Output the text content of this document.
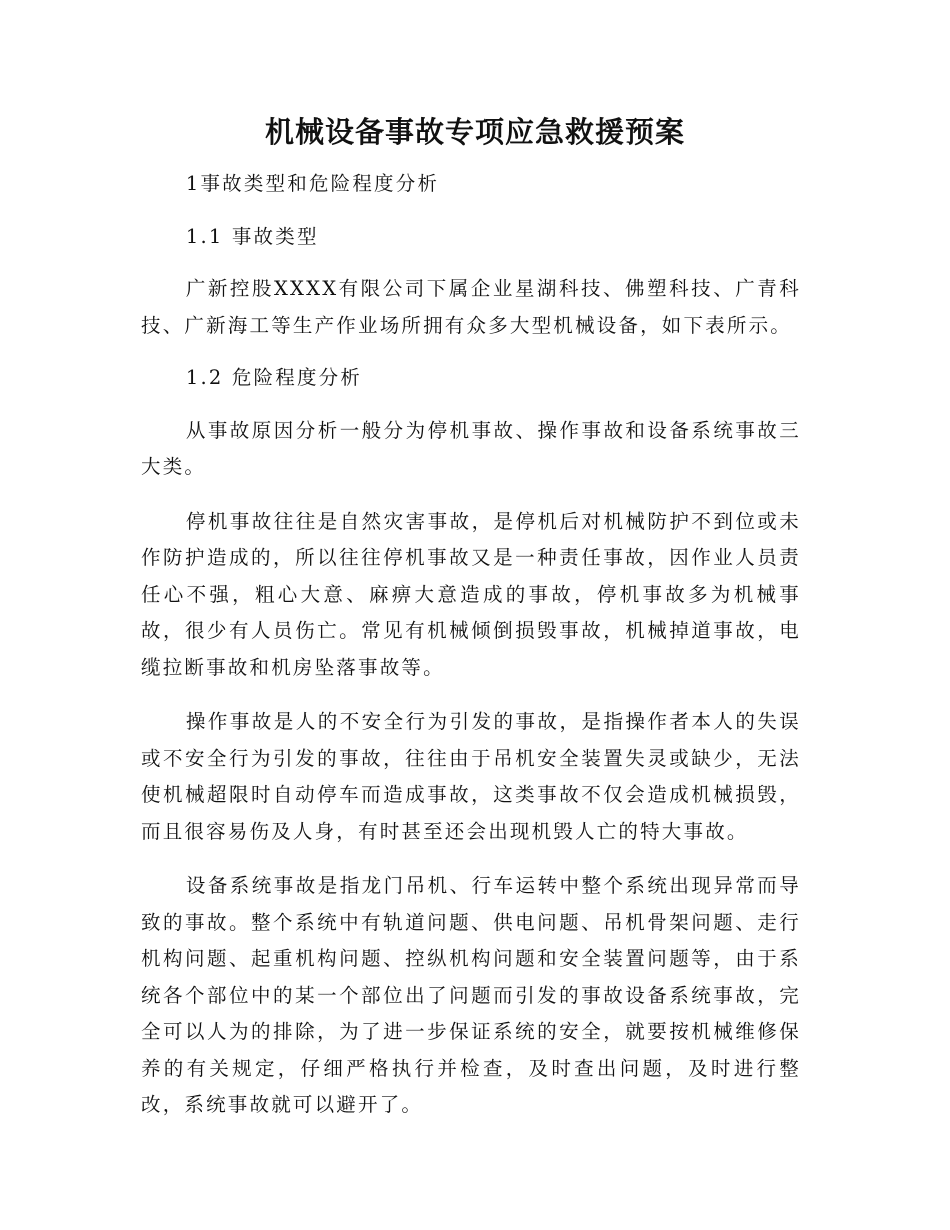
机械设备事故专项应急救援预案

1事故类型和危险程度分析

1.1 事故类型

广新控股XXXX有限公司下属企业星湖科技、佛塑科技、广青科技、广新海工等生产作业场所拥有众多大型机械设备，如下表所示。

1.2 危险程度分析

从事故原因分析一般分为停机事故、操作事故和设备系统事故三大类。

停机事故往往是自然灾害事故，是停机后对机械防护不到位或未作防护造成的，所以往往停机事故又是一种责任事故，因作业人员责任心不强，粗心大意、麻痹大意造成的事故，停机事故多为机械事故，很少有人员伤亡。常见有机械倾倒损毁事故，机械掉道事故，电缆拉断事故和机房坠落事故等。

操作事故是人的不安全行为引发的事故，是指操作者本人的失误或不安全行为引发的事故，往往由于吊机安全装置失灵或缺少，无法使机械超限时自动停车而造成事故，这类事故不仅会造成机械损毁，而且很容易伤及人身，有时甚至还会出现机毁人亡的特大事故。

设备系统事故是指龙门吊机、行车运转中整个系统出现异常而导致的事故。整个系统中有轨道问题、供电问题、吊机骨架问题、走行机构问题、起重机构问题、控纵机构问题和安全装置问题等，由于系统各个部位中的某一个部位出了问题而引发的事故设备系统事故，完全可以人为的排除，为了进一步保证系统的安全，就要按机械维修保养的有关规定，仔细严格执行并检查，及时查出问题，及时进行整改，系统事故就可以避开了。
